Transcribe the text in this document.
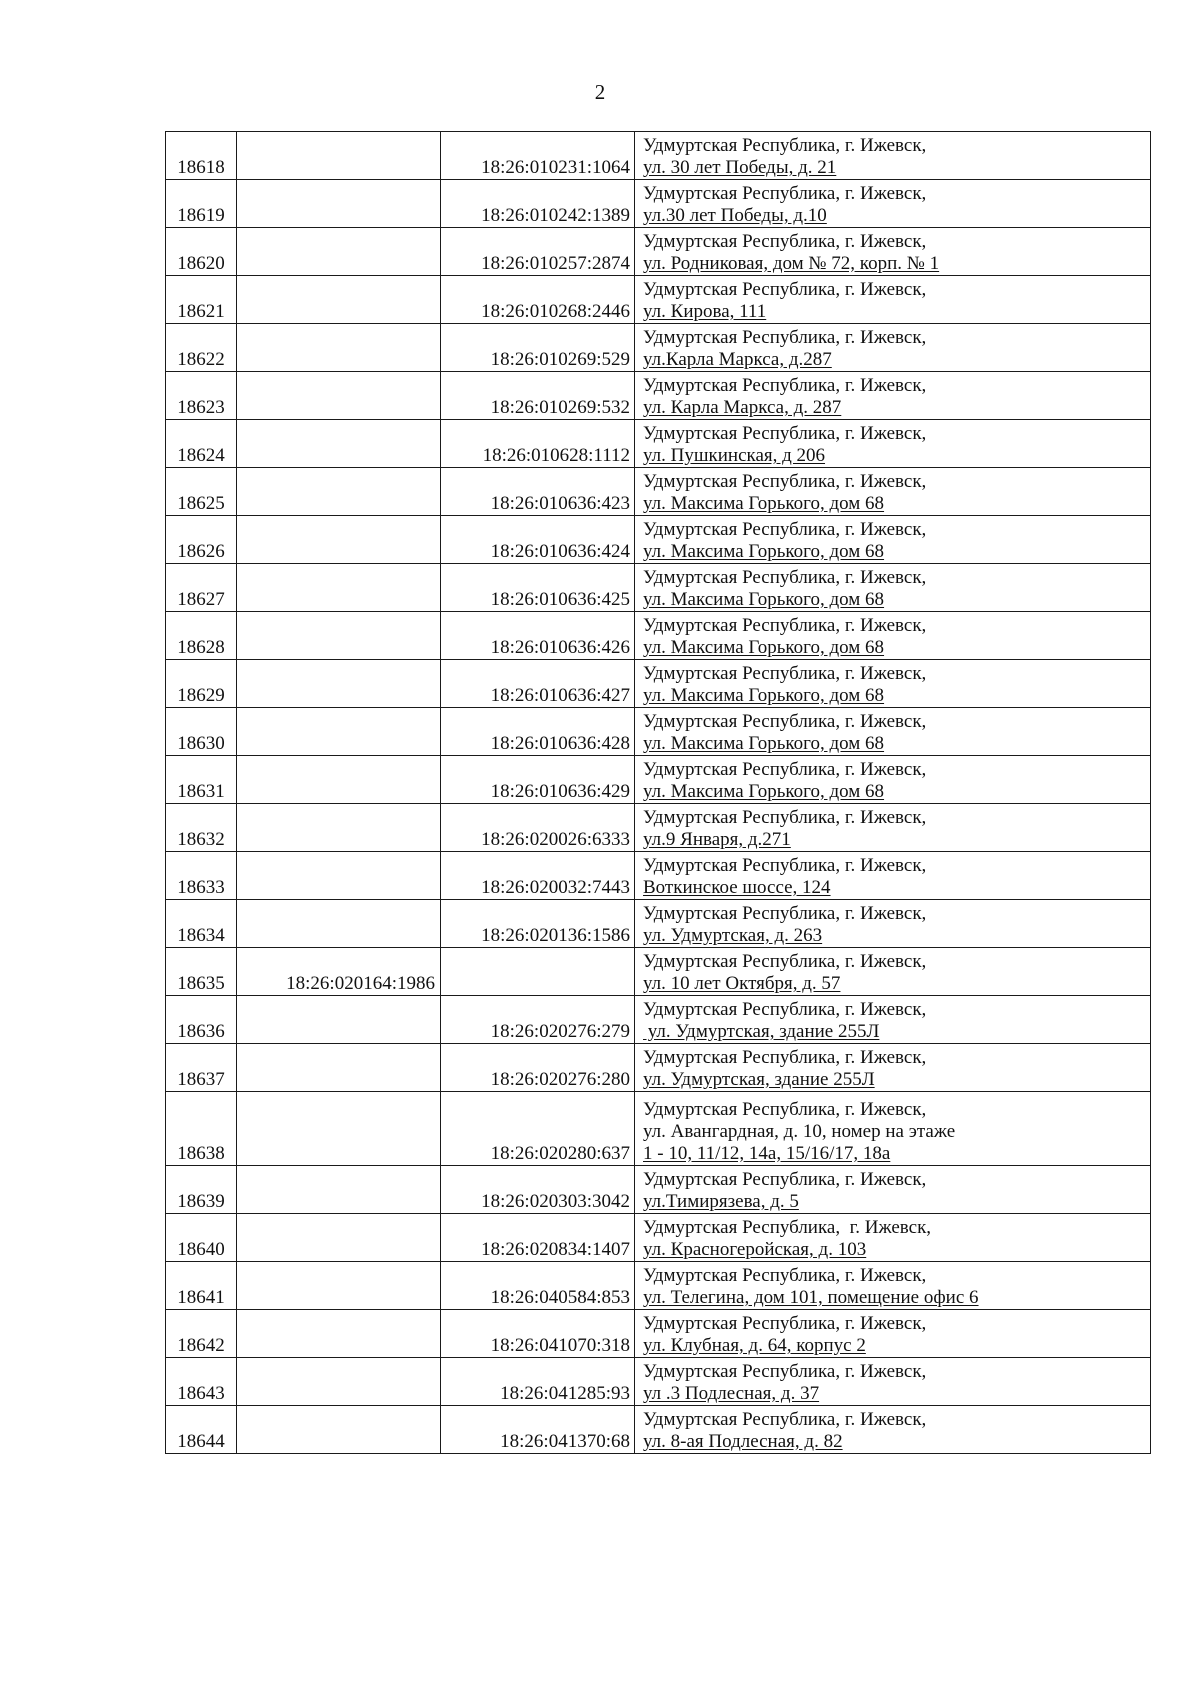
2
18618		18:26:010231:1064	Удмуртская Республика, г. Ижевск,
ул. 30 лет Победы, д. 21

18619		18:26:010242:1389	Удмуртская Республика, г. Ижевск,
ул.30 лет Победы, д.10

18620		18:26:010257:2874	Удмуртская Республика, г. Ижевск,
ул. Родниковая, дом № 72, корп. № 1

18621		18:26:010268:2446	Удмуртская Республика, г. Ижевск,
ул. Кирова, 111

18622		18:26:010269:529	Удмуртская Республика, г. Ижевск,
ул.Карла Маркса, д.287

18623		18:26:010269:532	Удмуртская Республика, г. Ижевск,
ул. Карла Маркса, д. 287

18624		18:26:010628:1112	Удмуртская Республика, г. Ижевск,
ул. Пушкинская, д 206

18625		18:26:010636:423	Удмуртская Республика, г. Ижевск,
ул. Максима Горького, дом 68

18626		18:26:010636:424	Удмуртская Республика, г. Ижевск,
ул. Максима Горького, дом 68

18627		18:26:010636:425	Удмуртская Республика, г. Ижевск,
ул. Максима Горького, дом 68

18628		18:26:010636:426	Удмуртская Республика, г. Ижевск,
ул. Максима Горького, дом 68

18629		18:26:010636:427	Удмуртская Республика, г. Ижевск,
ул. Максима Горького, дом 68

18630		18:26:010636:428	Удмуртская Республика, г. Ижевск,
ул. Максима Горького, дом 68

18631		18:26:010636:429	Удмуртская Республика, г. Ижевск,
ул. Максима Горького, дом 68

18632		18:26:020026:6333	Удмуртская Республика, г. Ижевск,
ул.9 Января, д.271

18633		18:26:020032:7443	Удмуртская Республика, г. Ижевск,
Воткинское шоссе, 124

18634		18:26:020136:1586	Удмуртская Республика, г. Ижевск,
ул. Удмуртская, д. 263

18635	18:26:020164:1986		Удмуртская Республика, г. Ижевск,
ул. 10 лет Октября, д. 57

18636		18:26:020276:279	Удмуртская Республика, г. Ижевск,
ул. Удмуртская, здание 255Л

18637		18:26:020276:280	Удмуртская Республика, г. Ижевск,
ул. Удмуртская, здание 255Л

18638		18:26:020280:637	Удмуртская Республика, г. Ижевск,
ул. Авангардная, д. 10, номер на этаже
1 - 10, 11/12, 14а, 15/16/17, 18а

18639		18:26:020303:3042	Удмуртская Республика, г. Ижевск,
ул.Тимирязева, д. 5

18640		18:26:020834:1407	Удмуртская Республика,  г. Ижевск,
ул. Красногеройская, д. 103

18641		18:26:040584:853	Удмуртская Республика, г. Ижевск,
ул. Телегина, дом 101, помещение офис 6

18642		18:26:041070:318	Удмуртская Республика, г. Ижевск,
ул. Клубная, д. 64, корпус 2

18643		18:26:041285:93	Удмуртская Республика, г. Ижевск,
ул .3 Подлесная, д. 37

18644		18:26:041370:68	Удмуртская Республика, г. Ижевск,
ул. 8-ая Подлесная, д. 82
